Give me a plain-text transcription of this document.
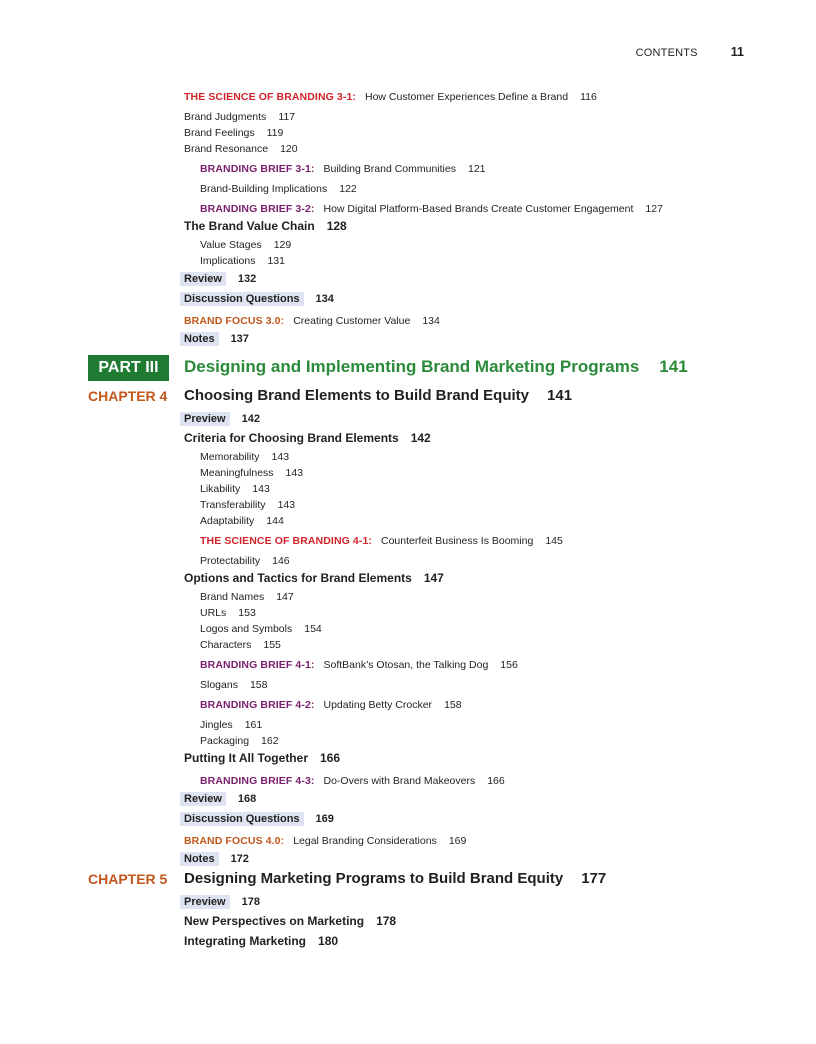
CONTENTS	11
THE SCIENCE OF BRANDING 3-1: How Customer Experiences Define a Brand 116
Brand Judgments 117
Brand Feelings 119
Brand Resonance 120
BRANDING BRIEF 3-1: Building Brand Communities 121
Brand-Building Implications 122
BRANDING BRIEF 3-2: How Digital Platform-Based Brands Create Customer Engagement 127
The Brand Value Chain 128
Value Stages 129
Implications 131
Review 132
Discussion Questions 134
BRAND FOCUS 3.0: Creating Customer Value 134
Notes 137
PART III	Designing and Implementing Brand Marketing Programs 141
CHAPTER 4 Choosing Brand Elements to Build Brand Equity 141
Preview 142
Criteria for Choosing Brand Elements 142
Memorability 143
Meaningfulness 143
Likability 143
Transferability 143
Adaptability 144
THE SCIENCE OF BRANDING 4-1: Counterfeit Business Is Booming 145
Protectability 146
Options and Tactics for Brand Elements 147
Brand Names 147
URLs 153
Logos and Symbols 154
Characters 155
BRANDING BRIEF 4-1: SoftBank’s Otosan, the Talking Dog 156
Slogans 158
BRANDING BRIEF 4-2: Updating Betty Crocker 158
Jingles 161
Packaging 162
Putting It All Together 166
BRANDING BRIEF 4-3: Do-Overs with Brand Makeovers 166
Review 168
Discussion Questions 169
BRAND FOCUS 4.0: Legal Branding Considerations 169
Notes 172
CHAPTER 5 Designing Marketing Programs to Build Brand Equity 177
Preview 178
New Perspectives on Marketing 178
Integrating Marketing 180
